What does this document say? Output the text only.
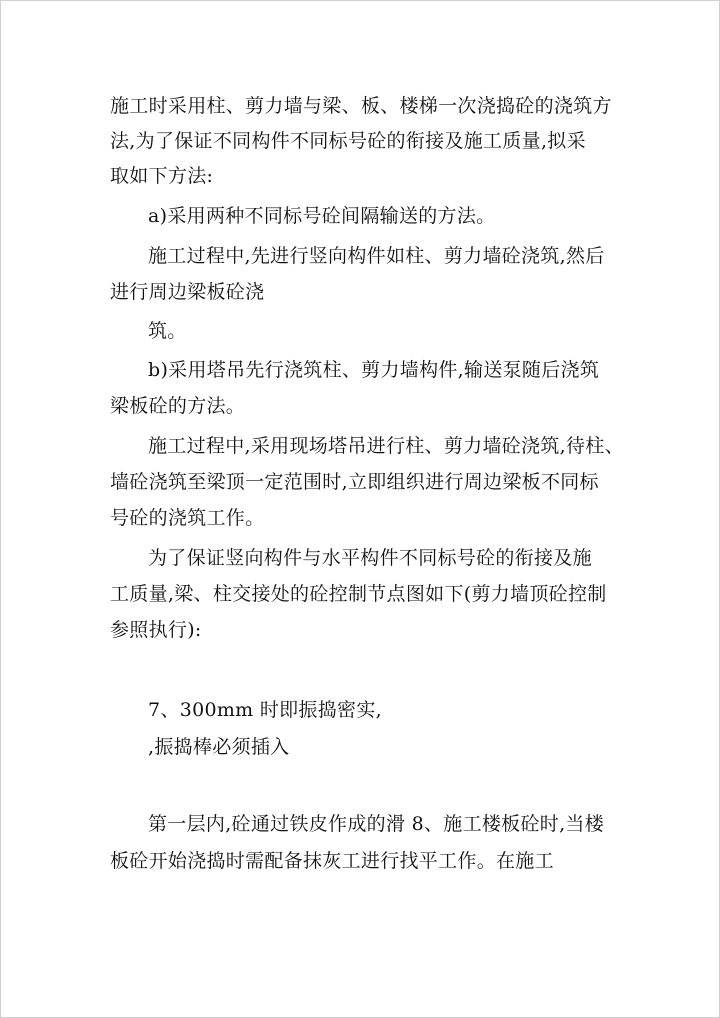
施工时采用柱、剪力墙与梁、板、楼梯一次浇捣砼的浇筑方
法,为了保证不同构件不同标号砼的衔接及施工质量,拟采
取如下方法:
a)采用两种不同标号砼间隔输送的方法。
施工过程中,先进行竖向构件如柱、剪力墙砼浇筑,然后
进行周边梁板砼浇
筑。
b)采用塔吊先行浇筑柱、剪力墙构件,输送泵随后浇筑
梁板砼的方法。
施工过程中,采用现场塔吊进行柱、剪力墙砼浇筑,待柱、
墙砼浇筑至梁顶一定范围时,立即组织进行周边梁板不同标
号砼的浇筑工作。
为了保证竖向构件与水平构件不同标号砼的衔接及施
工质量,梁、柱交接处的砼控制节点图如下(剪力墙顶砼控制
参照执行):
7、300mm 时即振捣密实,
,振捣棒必须插入
第一层内,砼通过铁皮作成的滑 8、施工楼板砼时,当楼
板砼开始浇捣时需配备抹灰工进行找平工作。在施工
